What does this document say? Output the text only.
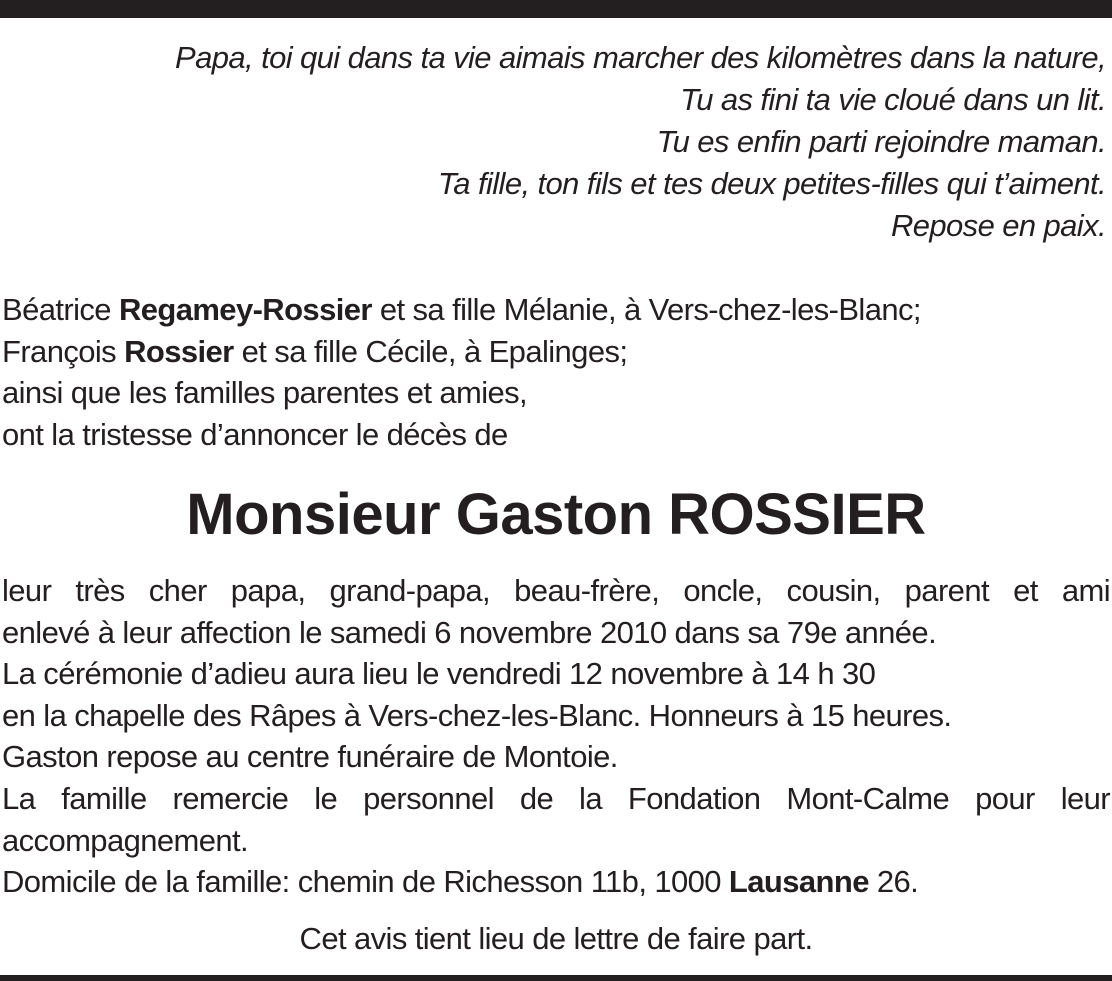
Papa, toi qui dans ta vie aimais marcher des kilomètres dans la nature,
Tu as fini ta vie cloué dans un lit.
Tu es enfin parti rejoindre maman.
Ta fille, ton fils et tes deux petites-filles qui t’aiment.
Repose en paix.
Béatrice Regamey-Rossier et sa fille Mélanie, à Vers-chez-les-Blanc;
François Rossier et sa fille Cécile, à Epalinges;
ainsi que les familles parentes et amies,
ont la tristesse d’annoncer le décès de
Monsieur Gaston ROSSIER
leur très cher papa, grand-papa, beau-frère, oncle, cousin, parent et ami
enlevé à leur affection le samedi 6 novembre 2010 dans sa 79e année.
La cérémonie d’adieu aura lieu le vendredi 12 novembre à 14 h 30
en la chapelle des Râpes à Vers-chez-les-Blanc. Honneurs à 15 heures.
Gaston repose au centre funéraire de Montoie.
La famille remercie le personnel de la Fondation Mont-Calme pour leur
accompagnement.
Domicile de la famille: chemin de Richesson 11b, 1000 Lausanne 26.
Cet avis tient lieu de lettre de faire part.
